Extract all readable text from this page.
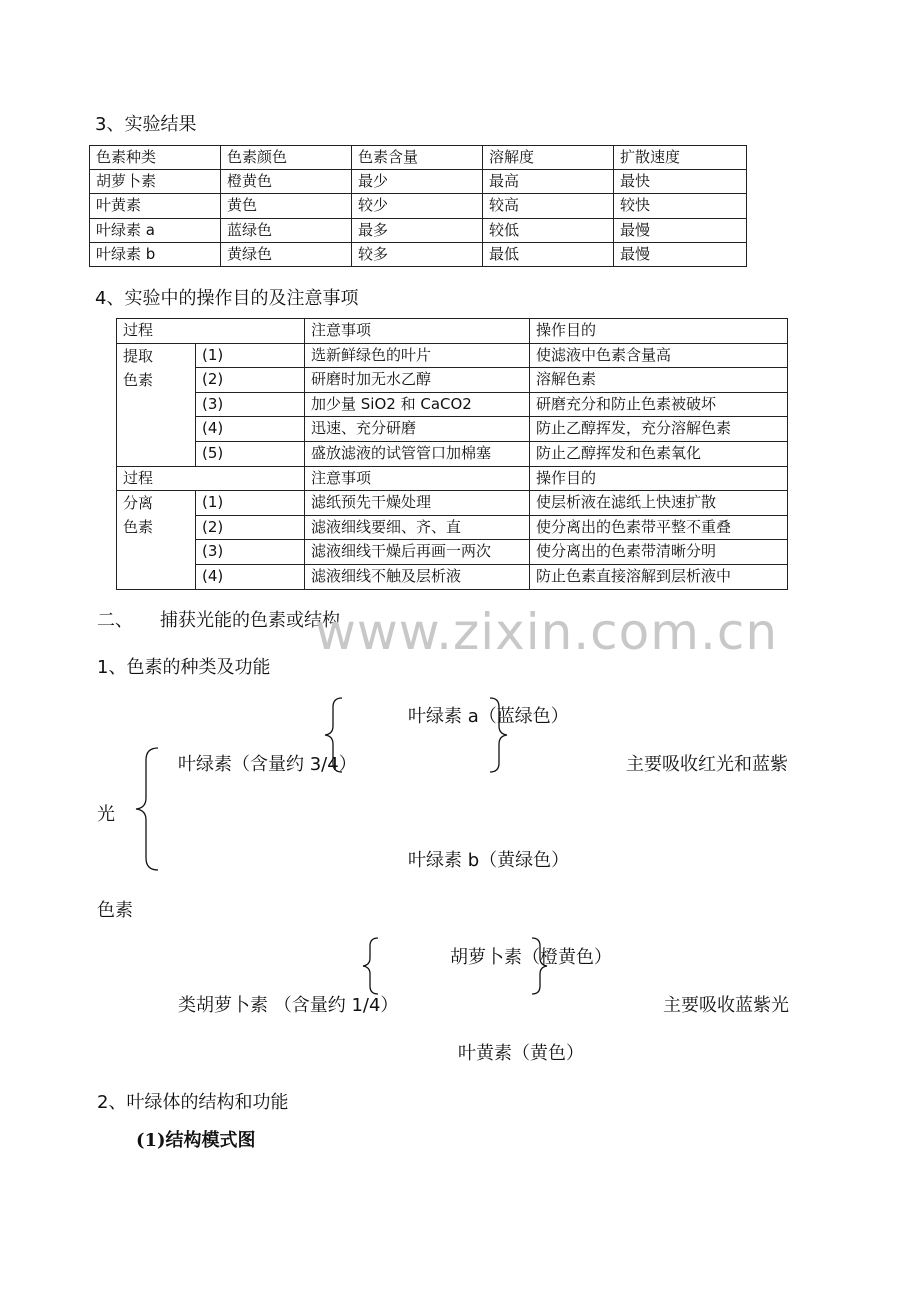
3、实验结果
色素种类	色素颜色	色素含量	溶解度	扩散速度
胡萝卜素	橙黄色	最少	最高	最快
叶黄素	黄色	较少	较高	较快
叶绿素 a	蓝绿色	最多	较低	最慢
叶绿素 b	黄绿色	较多	最低	最慢
4、实验中的操作目的及注意事项
过程		注意事项	操作目的

提取
色素	(1)	选新鲜绿色的叶片	使滤液中色素含量高
	(2)	研磨时加无水乙醇	溶解色素
	(3)	加少量 SiO2 和 CaCO2	研磨充分和防止色素被破坏
	(4)	迅速、充分研磨	防止乙醇挥发，充分溶解色素
	(5)	盛放滤液的试管管口加棉塞	防止乙醇挥发和色素氧化
过程		注意事项	操作目的

分离
色素	(1)	滤纸预先干燥处理	使层析液在滤纸上快速扩散
	(2)	滤液细线要细、齐、直	使分离出的色素带平整不重叠
	(3)	滤液细线干燥后再画一两次	使分离出的色素带清晰分明
	(4)	滤液细线不触及层析液	防止色素直接溶解到层析液中
二、 捕获光能的色素或结构
www.zixin.com.cn
1、色素的种类及功能
叶绿素 a（蓝绿色）
叶绿素（含量约 3/4）	主要吸收红光和蓝紫
光
叶绿素 b（黄绿色）
色素
胡萝卜素（橙黄色）
类胡萝卜素 （含量约 1/4）	主要吸收蓝紫光
叶黄素（黄色）
2、叶绿体的结构和功能
(1)结构模式图
